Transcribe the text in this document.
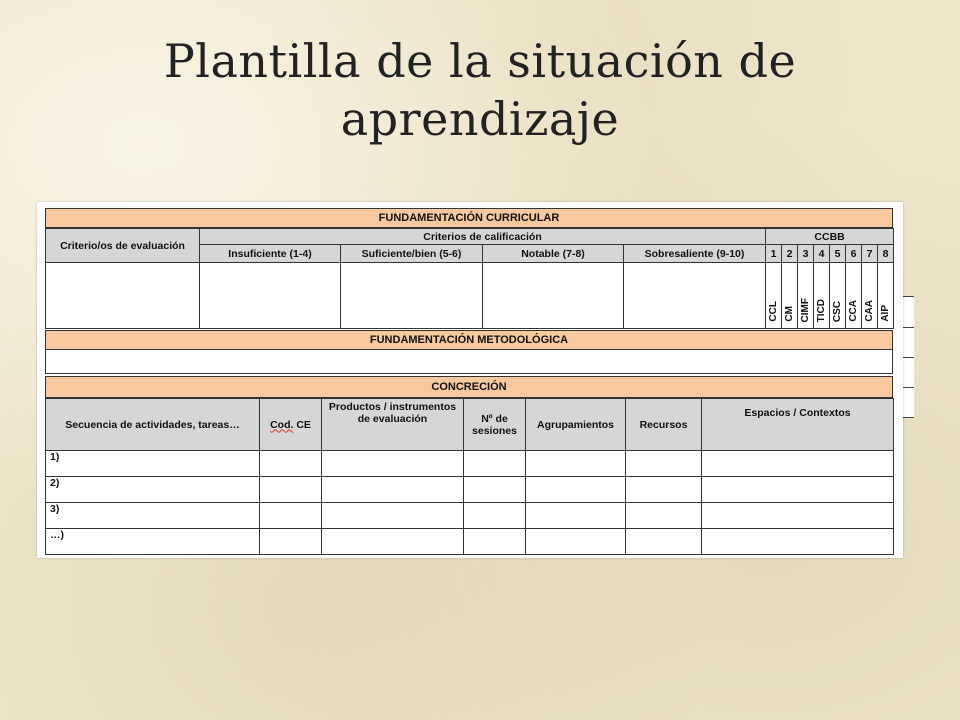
Plantilla de la situación de
aprendizaje
FUNDAMENTACIÓN CURRICULAR
Criterio/os de evaluación	Criterios de calificación				CCBB							
	Insuficiente (1-4)	Suficiente/bien (5-6)	Notable (7-8)	Sobresaliente (9-10)	1	2	3	4	5	6	7	8
					CCL	CM	CIMF	TICD	CSC	CCA	CAA	AIP
FUNDAMENTACIÓN METODOLÓGICA
CONCRECIÓN
Secuencia de actividades, tareas…	Cod. CE	Productos / instrumentos de evaluación	Nº de sesiones	Agrupamientos	Recursos	Espacios / Contextos
1)						
2)						
3)						
…)						
